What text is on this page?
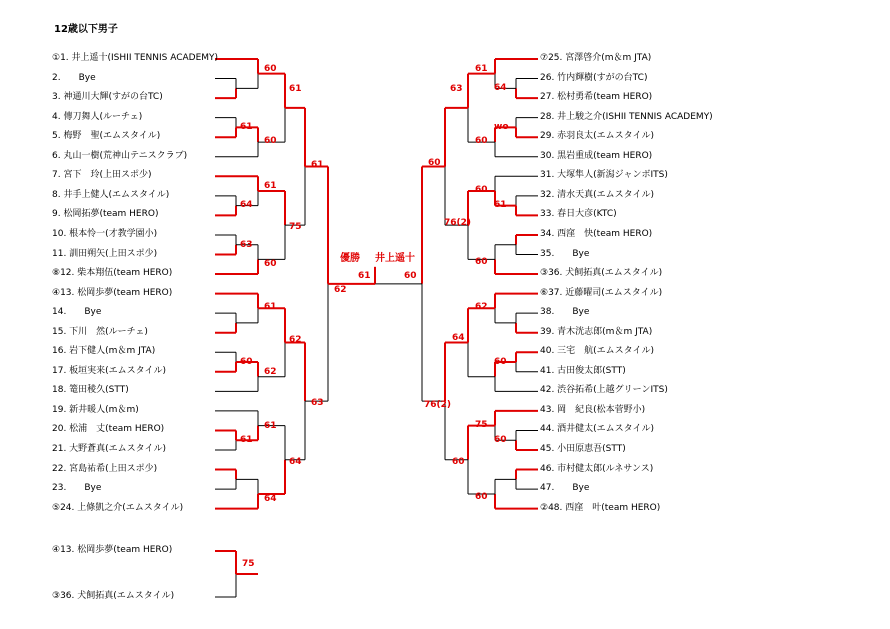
12歳以下男子
①1. 井上遥十(ISHII TENNIS ACADEMY)
2.　　Bye
3. 神通川大輝(すがの台TC)
4. 傳刀舞人(ルーチェ)
5. 梅野　聖(エムスタイル)
6. 丸山一樹(荒神山テニスクラブ)
7. 宮下　玲(上田スポ少)
8. 井手上健人(エムスタイル)
9. 松岡拓夢(team HERO)
10. 根本怜一(才教学園小)
11. 訓田朔矢(上田スポ少)
⑧12. 柴本翔伍(team HERO)
④13. 松岡歩夢(team HERO)
14.　　Bye
15. 下川　然(ルーチェ)
16. 岩下健人(m＆m JTA)
17. 板垣実来(エムスタイル)
18. 篭田稜久(STT)
19. 新井暖人(m＆m)
20. 松浦　丈(team HERO)
21. 大野蒼真(エムスタイル)
22. 宮島祐希(上田スポ少)
23.　　Bye
⑤24. 上條凱之介(エムスタイル)
⑦25. 宮澤啓介(m＆m JTA)
26. 竹内輝樹(すがの台TC)
27. 松村勇希(team HERO)
28. 井上駿之介(ISHII TENNIS ACADEMY)
29. 赤羽良太(エムスタイル)
30. 黒岩重成(team HERO)
31. 大塚隼人(新潟ジャンボITS)
32. 清水天真(エムスタイル)
33. 春日大彦(KTC)
34. 西窪　快(team HERO)
35.　　Bye
③36. 犬飼拓真(エムスタイル)
⑥37. 近藤曜司(エムスタイル)
38.　　Bye
39. 青木洸志郎(m＆m JTA)
40. 三宅　航(エムスタイル)
41. 古田俊太郎(STT)
42. 渋谷拓希(上越グリーンITS)
43. 岡　紀良(松本菅野小)
44. 酒井健太(エムスタイル)
45. 小田原恵吾(STT)
46. 市村健太郎(ルネサンス)
47.　　Bye
②48. 西窪　叶(team HERO)
60
61
60
61
64
61
63
60
75
61
61
60
62
62
61
61
64
64
63
62
64
61
wo
60
63
61
60
60
76(2)
60
62
60
64
60
75
60
60
76(2)
60
61
75
優勝 井上遥十
④13. 松岡歩夢(team HERO)
③36. 犬飼拓真(エムスタイル)
